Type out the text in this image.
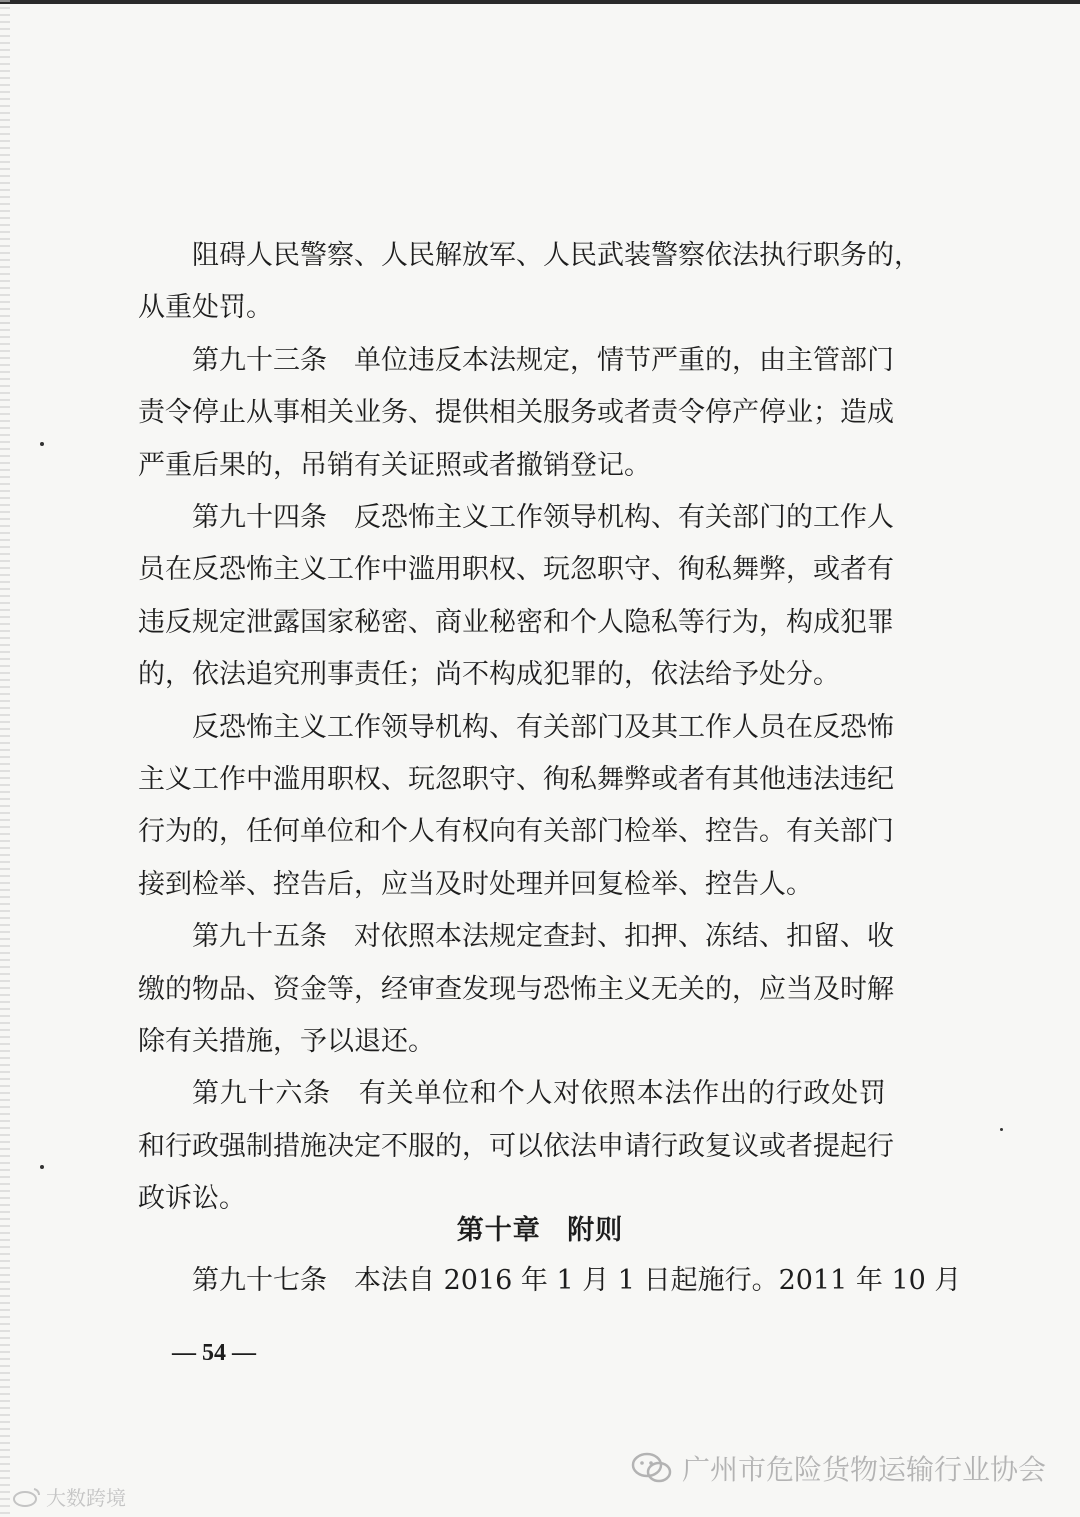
阻碍人民警察、人民解放军、人民武装警察依法执行职务的，
从重处罚。
第九十三条　单位违反本法规定，情节严重的，由主管部门
责令停止从事相关业务、提供相关服务或者责令停产停业；造成
严重后果的，吊销有关证照或者撤销登记。
第九十四条　反恐怖主义工作领导机构、有关部门的工作人
员在反恐怖主义工作中滥用职权、玩忽职守、徇私舞弊，或者有
违反规定泄露国家秘密、商业秘密和个人隐私等行为，构成犯罪
的，依法追究刑事责任；尚不构成犯罪的，依法给予处分。
反恐怖主义工作领导机构、有关部门及其工作人员在反恐怖
主义工作中滥用职权、玩忽职守、徇私舞弊或者有其他违法违纪
行为的，任何单位和个人有权向有关部门检举、控告。有关部门
接到检举、控告后，应当及时处理并回复检举、控告人。
第九十五条　对依照本法规定查封、扣押、冻结、扣留、收
缴的物品、资金等，经审查发现与恐怖主义无关的，应当及时解
除有关措施，予以退还。
第九十六条　有关单位和个人对依照本法作出的行政处罚
和行政强制措施决定不服的，可以依法申请行政复议或者提起行
政诉讼。
第十章 附则
第九十七条　本法自 2016 年 1 月 1 日起施行。2011 年 10 月
— 54 —
广州市危险货物运输行业协会
大数跨境
